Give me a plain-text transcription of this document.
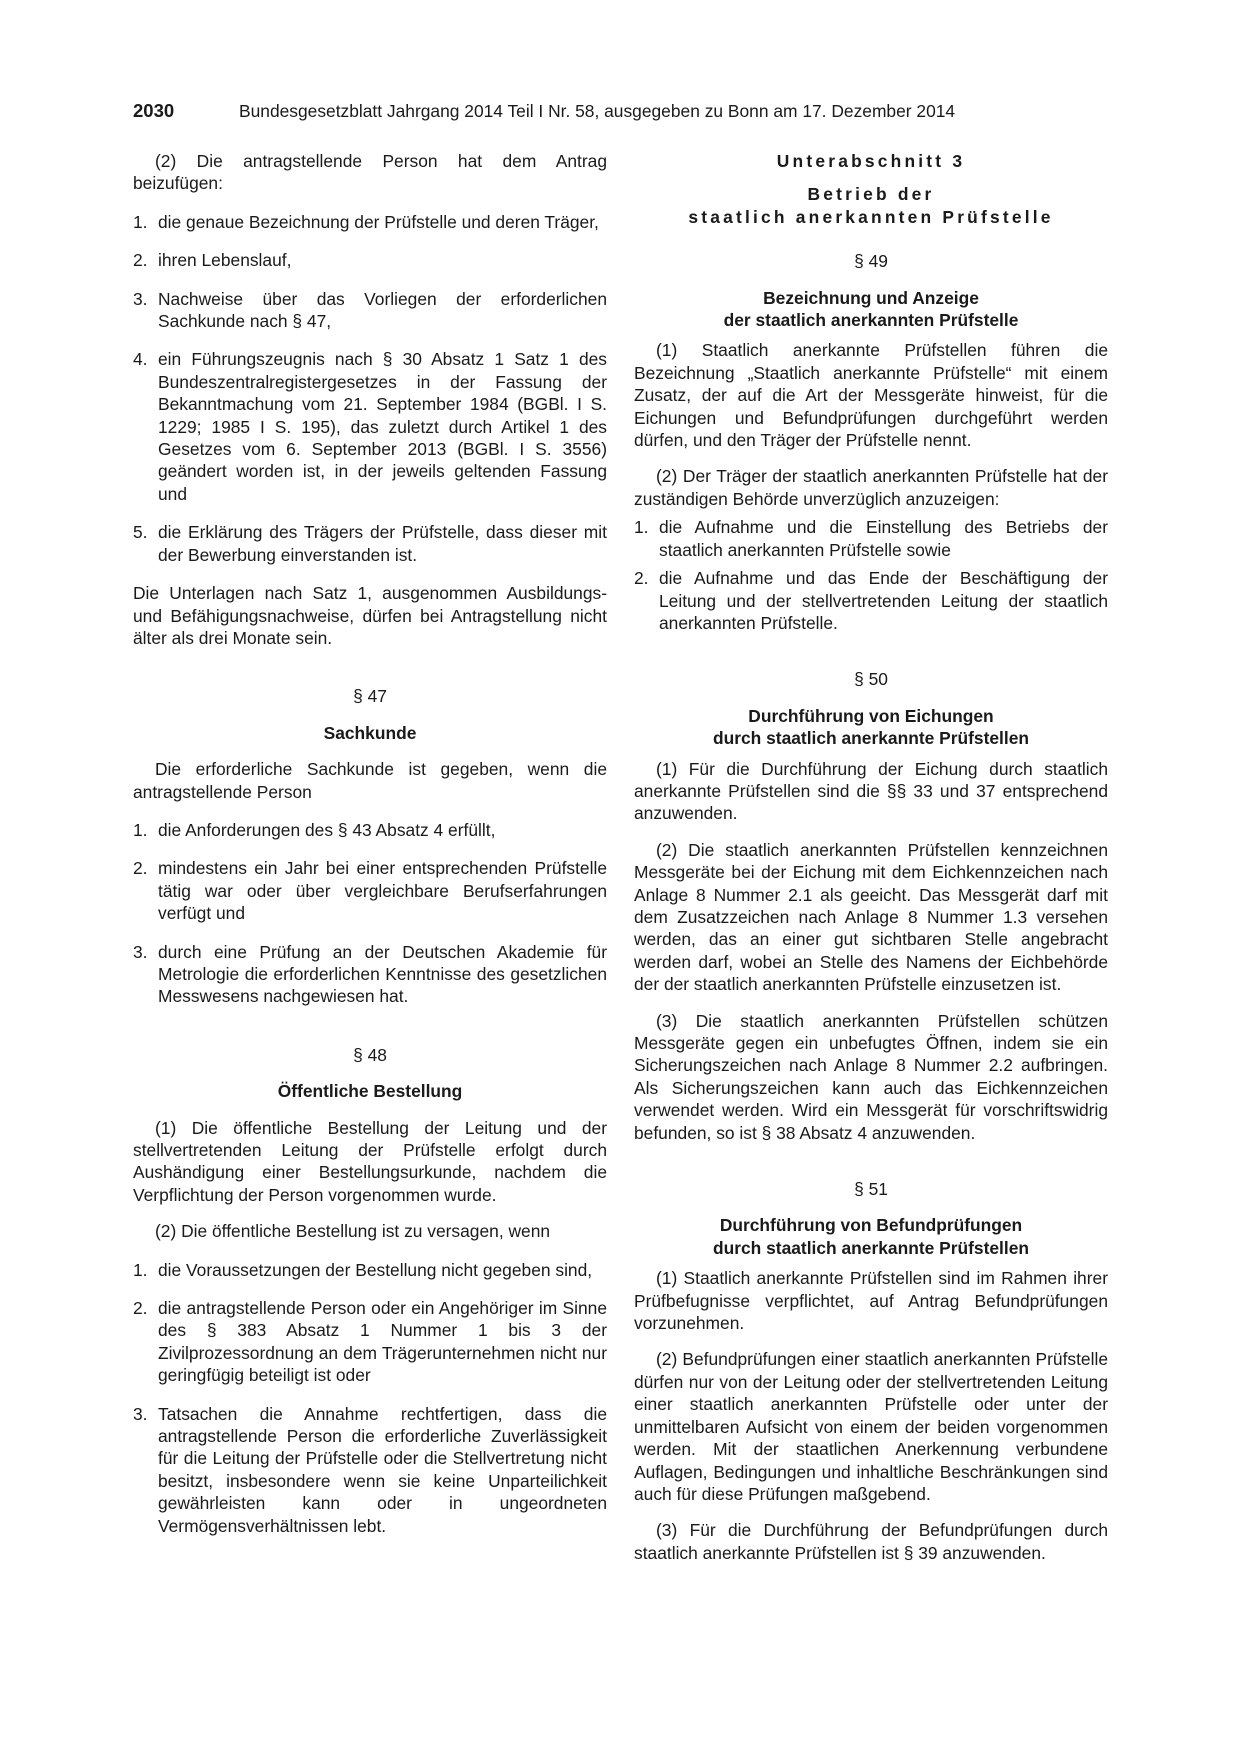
2030	Bundesgesetzblatt Jahrgang 2014 Teil I Nr. 58, ausgegeben zu Bonn am 17. Dezember 2014

(2) Die antragstellende Person hat dem Antrag beizufügen:

1. die genaue Bezeichnung der Prüfstelle und deren Träger,
2. ihren Lebenslauf,
3. Nachweise über das Vorliegen der erforderlichen Sachkunde nach § 47,
4. ein Führungszeugnis nach § 30 Absatz 1 Satz 1 des Bundeszentralregistergesetzes in der Fassung der Bekanntmachung vom 21. September 1984 (BGBl. I S. 1229; 1985 I S. 195), das zuletzt durch Artikel 1 des Gesetzes vom 6. September 2013 (BGBl. I S. 3556) geändert worden ist, in der jeweils geltenden Fassung und
5. die Erklärung des Trägers der Prüfstelle, dass dieser mit der Bewerbung einverstanden ist.

Die Unterlagen nach Satz 1, ausgenommen Ausbildungs- und Befähigungsnachweise, dürfen bei Antragstellung nicht älter als drei Monate sein.

§ 47
Sachkunde

Die erforderliche Sachkunde ist gegeben, wenn die antragstellende Person

1. die Anforderungen des § 43 Absatz 4 erfüllt,
2. mindestens ein Jahr bei einer entsprechenden Prüfstelle tätig war oder über vergleichbare Berufserfahrungen verfügt und
3. durch eine Prüfung an der Deutschen Akademie für Metrologie die erforderlichen Kenntnisse des gesetzlichen Messwesens nachgewiesen hat.
§ 48
Öffentliche Bestellung

(1) Die öffentliche Bestellung der Leitung und der stellvertretenden Leitung der Prüfstelle erfolgt durch Aushändigung einer Bestellungsurkunde, nachdem die Verpflichtung der Person vorgenommen wurde.

(2) Die öffentliche Bestellung ist zu versagen, wenn

1. die Voraussetzungen der Bestellung nicht gegeben sind,
2. die antragstellende Person oder ein Angehöriger im Sinne des § 383 Absatz 1 Nummer 1 bis 3 der Zivilprozessordnung an dem Trägerunternehmen nicht nur geringfügig beteiligt ist oder
3. Tatsachen die Annahme rechtfertigen, dass die antragstellende Person die erforderliche Zuverlässigkeit für die Leitung der Prüfstelle oder die Stellvertretung nicht besitzt, insbesondere wenn sie keine Unparteilichkeit gewährleisten kann oder in ungeordneten Vermögensverhältnissen lebt.
Unterabschnitt 3
Betrieb der
staatlich anerkannten Prüfstelle
§ 49
Bezeichnung und Anzeige
der staatlich anerkannten Prüfstelle

(1) Staatlich anerkannte Prüfstellen führen die Bezeichnung „Staatlich anerkannte Prüfstelle“ mit einem Zusatz, der auf die Art der Messgeräte hinweist, für die Eichungen und Befundprüfungen durchgeführt werden dürfen, und den Träger der Prüfstelle nennt.

(2) Der Träger der staatlich anerkannten Prüfstelle hat der zuständigen Behörde unverzüglich anzuzeigen:

1. die Aufnahme und die Einstellung des Betriebs der staatlich anerkannten Prüfstelle sowie
2. die Aufnahme und das Ende der Beschäftigung der Leitung und der stellvertretenden Leitung der staatlich anerkannten Prüfstelle.
§ 50
Durchführung von Eichungen
durch staatlich anerkannte Prüfstellen

(1) Für die Durchführung der Eichung durch staatlich anerkannte Prüfstellen sind die §§ 33 und 37 entsprechend anzuwenden.

(2) Die staatlich anerkannten Prüfstellen kennzeichnen Messgeräte bei der Eichung mit dem Eichkennzeichen nach Anlage 8 Nummer 2.1 als geeicht. Das Messgerät darf mit dem Zusatzzeichen nach Anlage 8 Nummer 1.3 versehen werden, das an einer gut sichtbaren Stelle angebracht werden darf, wobei an Stelle des Namens der Eichbehörde der der staatlich anerkannten Prüfstelle einzusetzen ist.

(3) Die staatlich anerkannten Prüfstellen schützen Messgeräte gegen ein unbefugtes Öffnen, indem sie ein Sicherungszeichen nach Anlage 8 Nummer 2.2 aufbringen. Als Sicherungszeichen kann auch das Eichkennzeichen verwendet werden. Wird ein Messgerät für vorschriftswidrig befunden, so ist § 38 Absatz 4 anzuwenden.

§ 51
Durchführung von Befundprüfungen
durch staatlich anerkannte Prüfstellen

(1) Staatlich anerkannte Prüfstellen sind im Rahmen ihrer Prüfbefugnisse verpflichtet, auf Antrag Befundprüfungen vorzunehmen.

(2) Befundprüfungen einer staatlich anerkannten Prüfstelle dürfen nur von der Leitung oder der stellvertretenden Leitung einer staatlich anerkannten Prüfstelle oder unter der unmittelbaren Aufsicht von einem der beiden vorgenommen werden. Mit der staatlichen Anerkennung verbundene Auflagen, Bedingungen und inhaltliche Beschränkungen sind auch für diese Prüfungen maßgebend.

(3) Für die Durchführung der Befundprüfungen durch staatlich anerkannte Prüfstellen ist § 39 anzuwenden.
